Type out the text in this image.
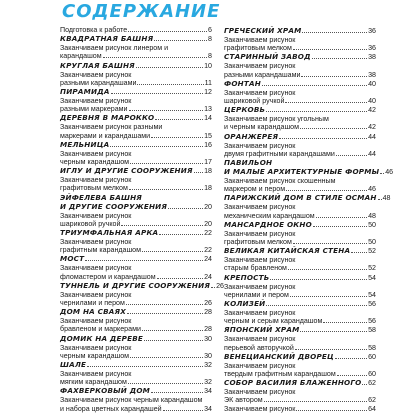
СОДЕРЖАНИЕ
Подготовка к работе	6
КВАДРАТНАЯ БАШНЯ	8
Заканчиваем рисунок линером и
карандашом	8
КРУГЛАЯ БАШНЯ	10
Заканчиваем рисунок
разными карандашами	11
ПИРАМИДА	12
Заканчиваем рисунок
разными маркерами	13
ДЕРЕВНЯ В МАРОККО	14
Заканчиваем рисунок разными
маркерами и карандашами	15
МЕЛЬНИЦА	16
Заканчиваем рисунок
черным карандашом	17
ИГЛУ И ДРУГИЕ СООРУЖЕНИЯ 18
Заканчиваем рисунок
графитовым мелком	18
ЭЙФЕЛЕВА БАШНЯ
И ДРУГИЕ СООРУЖЕНИЯ	20
Заканчиваем рисунок
шариковой ручкой	20
ТРИУМФАЛЬНАЯ АРКА	22
Заканчиваем рисунок
графитным карандашом	22
МОСТ	24
Заканчиваем рисунок
фломастером и карандашом	24
ТУННЕЛЬ И ДРУГИЕ СООРУЖЕНИЯ 26
Заканчиваем рисунок
чернилами и пером	26
ДОМ НА СВАЯХ	28
Заканчиваем рисунок
бравленом и маркерами	28
ДОМИК НА ДЕРЕВЕ	30
Заканчиваем рисунок
черным карандашом	30
ШАЛЕ	32
Заканчиваем рисунок
мягким карандашом	32
ФАХВЕРКОВЫЙ ДОМ	34
Заканчиваем рисунок черным карандашом
и набора цветных карандашей	34
ГРЕЧЕСКИЙ ХРАМ	36
Заканчиваем рисунок
графитовым мелком	36
СТАРИННЫЙ ЗАВОД	38
Заканчиваем рисунок
разными карандашами	38
ФОНТАН	40
Заканчиваем рисунок
шариковой ручкой	40
ЦЕРКОВЬ	42
Заканчиваем рисунок угольным
и черным карандашом	42
ОРАНЖЕРЕЯ	44
Заканчиваем рисунок
двумя графитными карандашами	44
ПАВИЛЬОН
И МАЛЫЕ АРХИТЕКТУРНЫЕ ФОРМЫ 46
Заканчиваем рисунок скошенным
маркером и пером	46
ПАРИЖСКИЙ ДОМ В СТИЛЕ ОСМАН 48
Заканчиваем рисунок
механическим карандашом	48
МАНСАРДНОЕ ОКНО	50
Заканчиваем рисунок
графитовым мелком	50
ВЕЛИКАЯ КИТАЙСКАЯ СТЕНА	52
Заканчиваем рисунок
старым бравленом	52
КРЕПОСТЬ	54
Заканчиваем рисунок
чернилами и пером	54
КОЛИЗЕЙ	56
Заканчиваем рисунок
черным и серым карандашом	56
ЯПОНСКИЙ ХРАМ	58
Заканчиваем рисунок
перьевой авторучкой	58
ВЕНЕЦИАНСКИЙ ДВОРЕЦ	60
Заканчиваем рисунок
твердым графитным карандашом	60
СОБОР ВАСИЛИЯ БЛАЖЕННОГО 62
Заканчиваем рисунок
ЭК автором	62
Заканчиваем рисунок	64
